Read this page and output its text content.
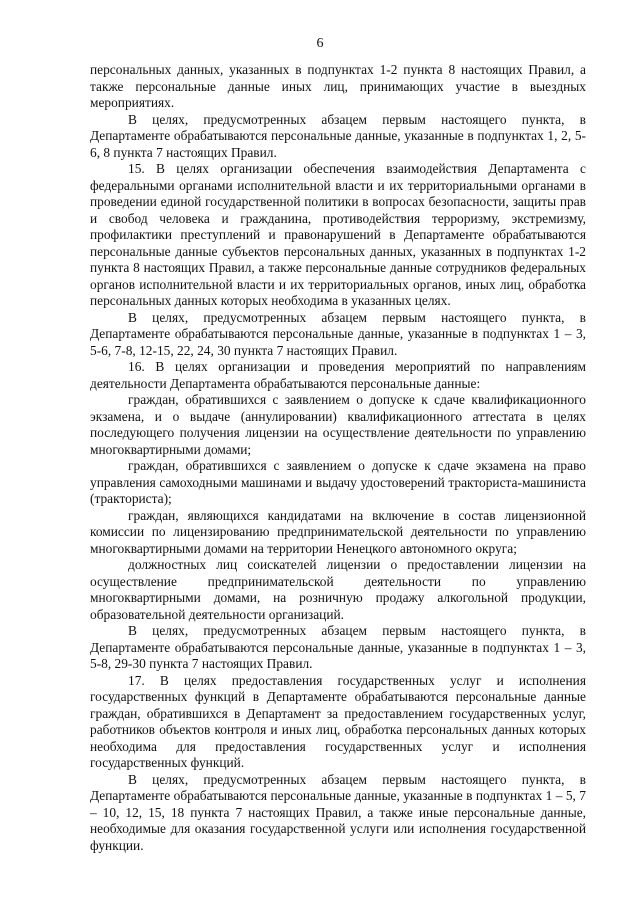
6

персональных данных, указанных в подпунктах 1-2 пункта 8 настоящих Правил, а также персональные данные иных лиц, принимающих участие в выездных мероприятиях.

В целях, предусмотренных абзацем первым настоящего пункта, в Департаменте обрабатываются персональные данные, указанные в подпунктах 1, 2, 5-6, 8 пункта 7 настоящих Правил.

15. В целях организации обеспечения взаимодействия Департамента с федеральными органами исполнительной власти и их территориальными органами в проведении единой государственной политики в вопросах безопасности, защиты прав и свобод человека и гражданина, противодействия терроризму, экстремизму, профилактики преступлений и правонарушений в Департаменте обрабатываются персональные данные субъектов персональных данных, указанных в подпунктах 1-2 пункта 8 настоящих Правил, а также персональные данные сотрудников федеральных органов исполнительной власти и их территориальных органов, иных лиц, обработка персональных данных которых необходима в указанных целях.

В целях, предусмотренных абзацем первым настоящего пункта, в Департаменте обрабатываются персональные данные, указанные в подпунктах 1 – 3, 5-6, 7-8, 12-15, 22, 24, 30 пункта 7 настоящих Правил.

16. В целях организации и проведения мероприятий по направлениям деятельности Департамента обрабатываются персональные данные:

граждан, обратившихся с заявлением о допуске к сдаче квалификационного экзамена, и о выдаче (аннулировании) квалификационного аттестата в целях последующего получения лицензии на осуществление деятельности по управлению многоквартирными домами;

граждан, обратившихся с заявлением о допуске к сдаче экзамена на право управления самоходными машинами и выдачу удостоверений тракториста-машиниста (тракториста);

граждан, являющихся кандидатами на включение в состав лицензионной комиссии по лицензированию предпринимательской деятельности по управлению многоквартирными домами на территории Ненецкого автономного округа;

должностных лиц соискателей лицензии о предоставлении лицензии на осуществление предпринимательской деятельности по управлению многоквартирными домами, на розничную продажу алкогольной продукции, образовательной деятельности организаций.

В целях, предусмотренных абзацем первым настоящего пункта, в Департаменте обрабатываются персональные данные, указанные в подпунктах 1 – 3, 5-8, 29-30 пункта 7 настоящих Правил.

17. В целях предоставления государственных услуг и исполнения государственных функций в Департаменте обрабатываются персональные данные граждан, обратившихся в Департамент за предоставлением государственных услуг, работников объектов контроля и иных лиц, обработка персональных данных которых необходима для предоставления государственных услуг и исполнения государственных функций.

В целях, предусмотренных абзацем первым настоящего пункта, в Департаменте обрабатываются персональные данные, указанные в подпунктах 1 – 5, 7 – 10, 12, 15, 18 пункта 7 настоящих Правил, а также иные персональные данные, необходимые для оказания государственной услуги или исполнения государственной функции.
